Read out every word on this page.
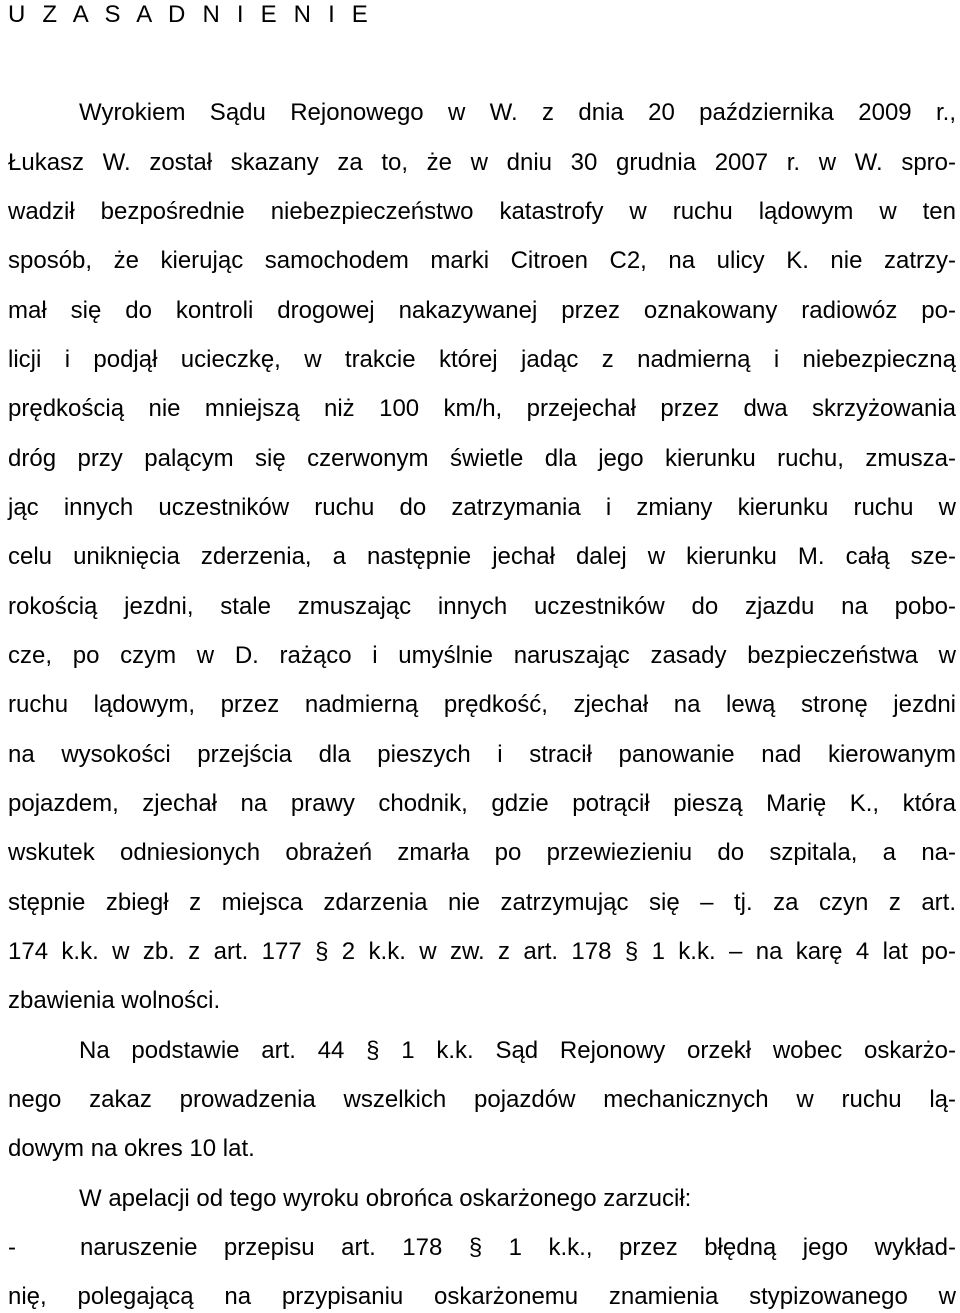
U Z A S A D N I E N I E
Wyrokiem Sądu Rejonowego w W. z dnia 20 października 2009 r.,
Łukasz W. został skazany za to, że w dniu 30 grudnia 2007 r. w W. spro-
wadził bezpośrednie niebezpieczeństwo katastrofy w ruchu lądowym w ten
sposób, że kierując samochodem marki Citroen C2, na ulicy K. nie zatrzy-
mał się do kontroli drogowej nakazywanej przez oznakowany radiowóz po-
licji i podjął ucieczkę, w trakcie której jadąc z nadmierną i niebezpieczną
prędkością nie mniejszą niż 100 km/h, przejechał przez dwa skrzyżowania
dróg przy palącym się czerwonym świetle dla jego kierunku ruchu, zmusza-
jąc innych uczestników ruchu do zatrzymania i zmiany kierunku ruchu w
celu uniknięcia zderzenia, a następnie jechał dalej w kierunku M. całą sze-
rokością jezdni, stale zmuszając innych uczestników do zjazdu na pobo-
cze, po czym w D. rażąco i umyślnie naruszając zasady bezpieczeństwa w
ruchu lądowym, przez nadmierną prędkość, zjechał na lewą stronę jezdni
na wysokości przejścia dla pieszych i stracił panowanie nad kierowanym
pojazdem, zjechał na prawy chodnik, gdzie potrącił pieszą Marię K., która
wskutek odniesionych obrażeń zmarła po przewiezieniu do szpitala, a na-
stępnie zbiegł z miejsca zdarzenia nie zatrzymując się – tj. za czyn z art.
174 k.k. w zb. z art. 177 § 2 k.k. w zw. z art. 178 § 1 k.k. – na karę 4 lat po-
zbawienia wolności.
Na podstawie art. 44 § 1 k.k. Sąd Rejonowy orzekł wobec oskarżo-
nego zakaz prowadzenia wszelkich pojazdów mechanicznych w ruchu lą-
dowym na okres 10 lat.
W apelacji od tego wyroku obrońca oskarżonego zarzucił:
-	naruszenie przepisu art. 178 § 1 k.k., przez błędną jego wykład-
nię, polegającą na przypisaniu oskarżonemu znamienia stypizowanego w
